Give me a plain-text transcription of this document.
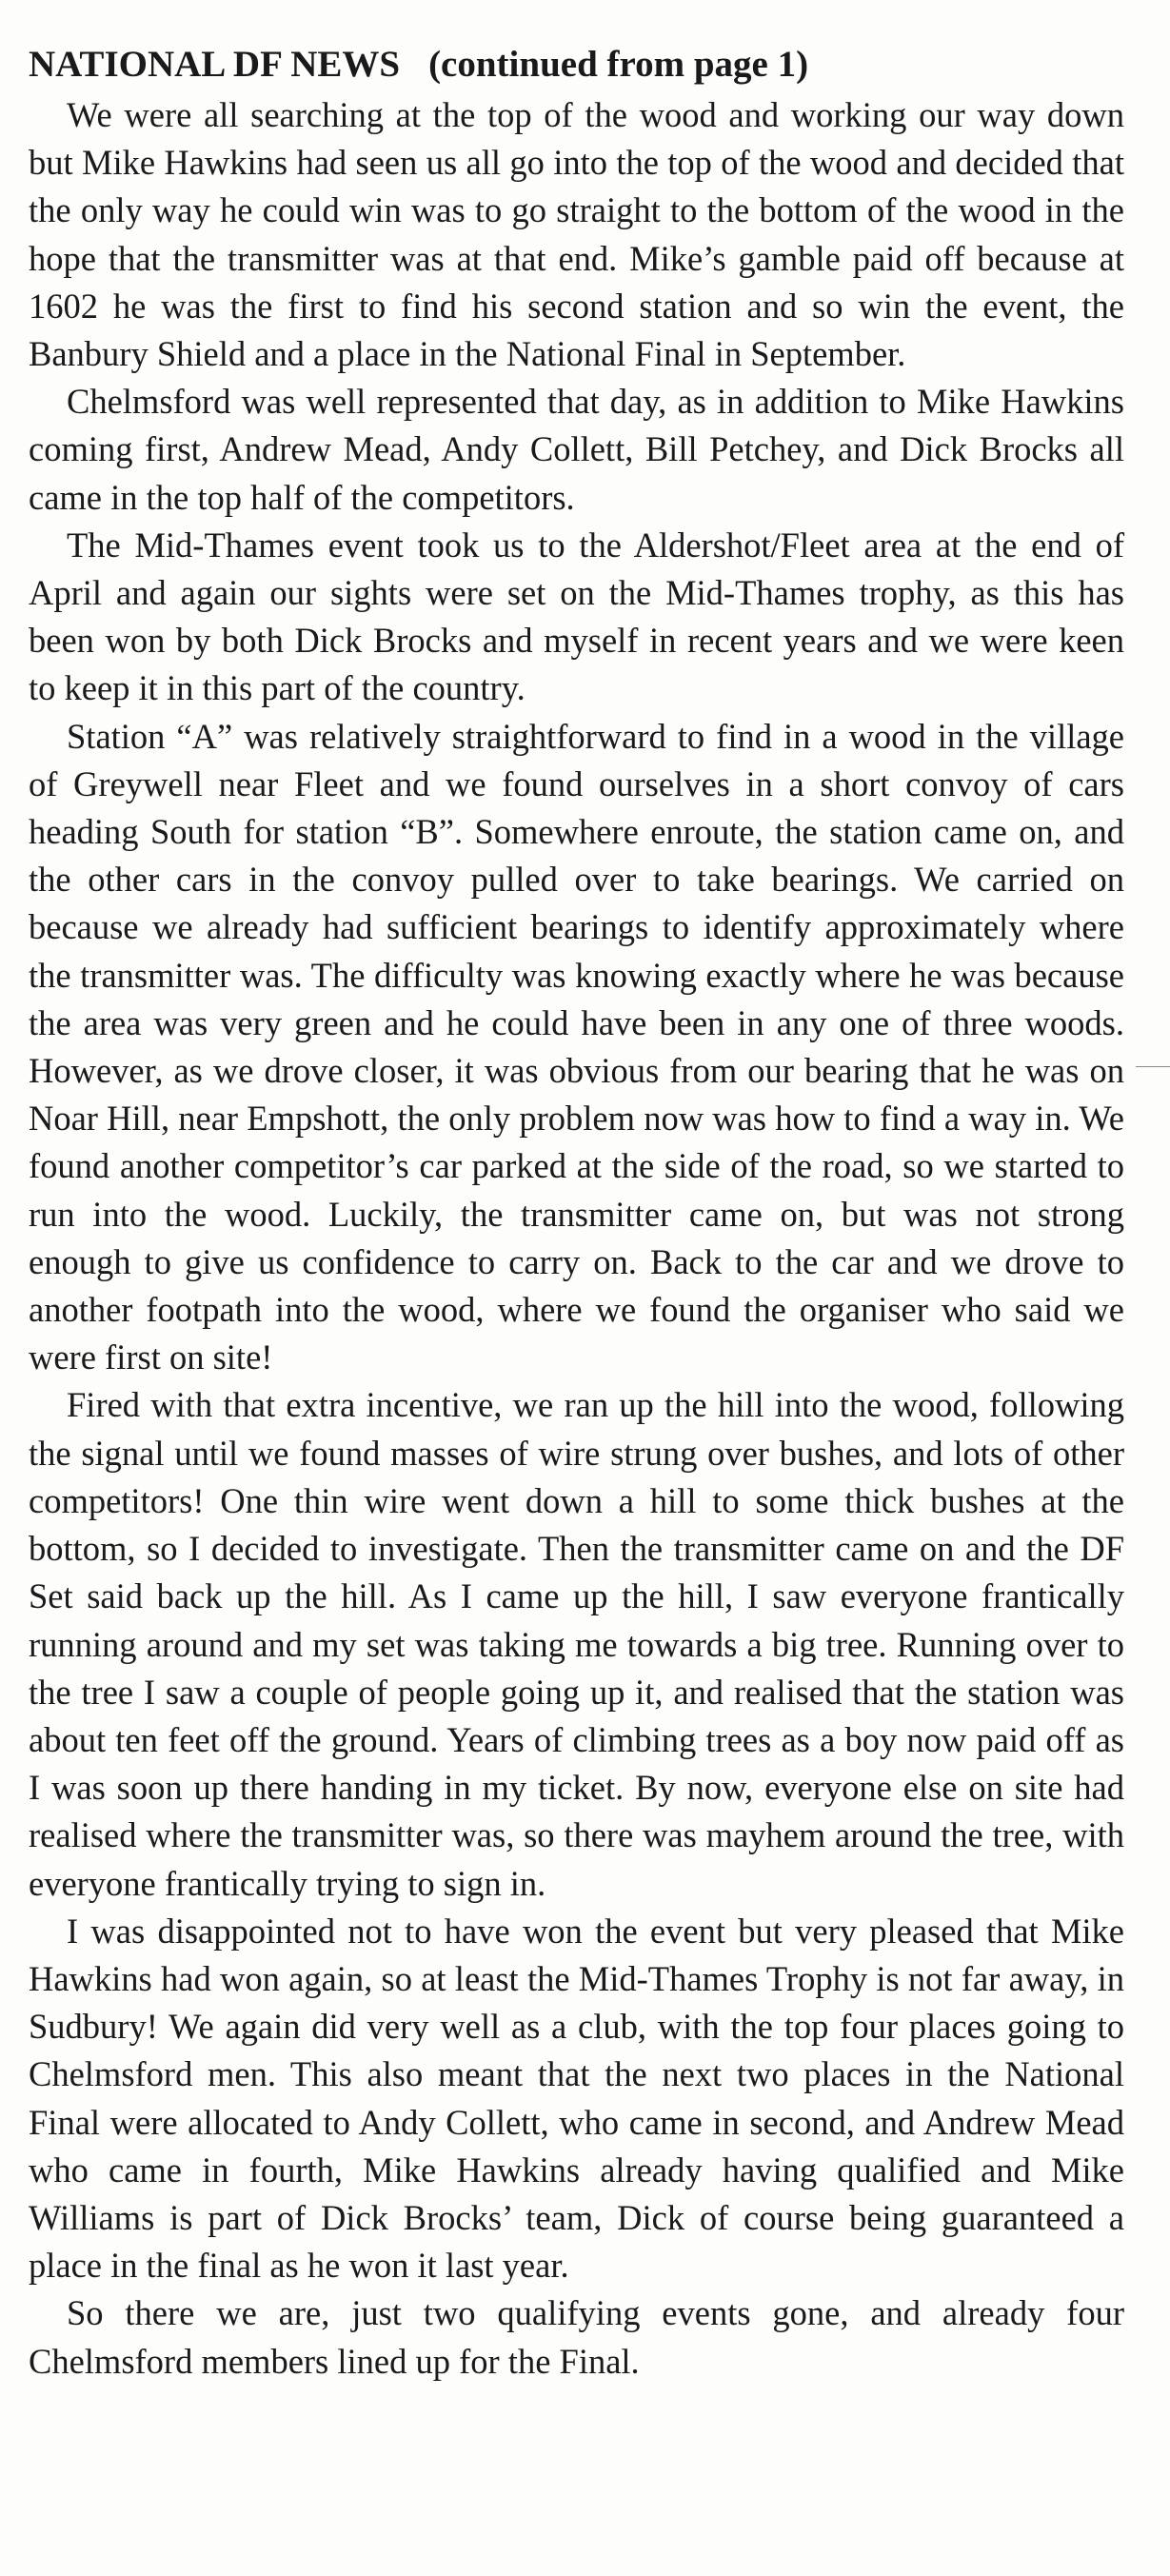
NATIONAL DF NEWS (continued from page 1)

We were all searching at the top of the wood and working our way down but Mike Hawkins had seen us all go into the top of the wood and decided that the only way he could win was to go straight to the bottom of the wood in the hope that the transmitter was at that end. Mike’s gamble paid off because at 1602 he was the first to find his second station and so win the event, the Banbury Shield and a place in the National Final in September.

Chelmsford was well represented that day, as in addition to Mike Hawkins coming first, Andrew Mead, Andy Collett, Bill Petchey, and Dick Brocks all came in the top half of the competitors.

The Mid-Thames event took us to the Aldershot/Fleet area at the end of April and again our sights were set on the Mid-Thames trophy, as this has been won by both Dick Brocks and myself in recent years and we were keen to keep it in this part of the country.

Station “A” was relatively straightforward to find in a wood in the village of Greywell near Fleet and we found ourselves in a short convoy of cars heading South for station “B”. Somewhere enroute, the station came on, and the other cars in the convoy pulled over to take bearings. We carried on because we already had sufficient bearings to identify approximately where the transmitter was. The difficulty was knowing exactly where he was because the area was very green and he could have been in any one of three woods. However, as we drove closer, it was obvious from our bearing that he was on Noar Hill, near Empshott, the only problem now was how to find a way in. We found another competitor’s car parked at the side of the road, so we started to run into the wood. Luckily, the transmitter came on, but was not strong enough to give us confidence to carry on. Back to the car and we drove to another footpath into the wood, where we found the organiser who said we were first on site!

Fired with that extra incentive, we ran up the hill into the wood, following the signal until we found masses of wire strung over bushes, and lots of other competitors! One thin wire went down a hill to some thick bushes at the bottom, so I decided to investigate. Then the transmitter came on and the DF Set said back up the hill. As I came up the hill, I saw everyone frantically running around and my set was taking me towards a big tree. Running over to the tree I saw a couple of people going up it, and realised that the station was about ten feet off the ground. Years of climbing trees as a boy now paid off as I was soon up there handing in my ticket. By now, everyone else on site had realised where the transmitter was, so there was mayhem around the tree, with everyone frantically trying to sign in.

I was disappointed not to have won the event but very pleased that Mike Hawkins had won again, so at least the Mid-Thames Trophy is not far away, in Sudbury! We again did very well as a club, with the top four places going to Chelmsford men. This also meant that the next two places in the National Final were allocated to Andy Collett, who came in second, and Andrew Mead who came in fourth, Mike Hawkins already having qualified and Mike Williams is part of Dick Brocks’ team, Dick of course being guaranteed a place in the final as he won it last year.

So there we are, just two qualifying events gone, and already four Chelmsford members lined up for the Final.
